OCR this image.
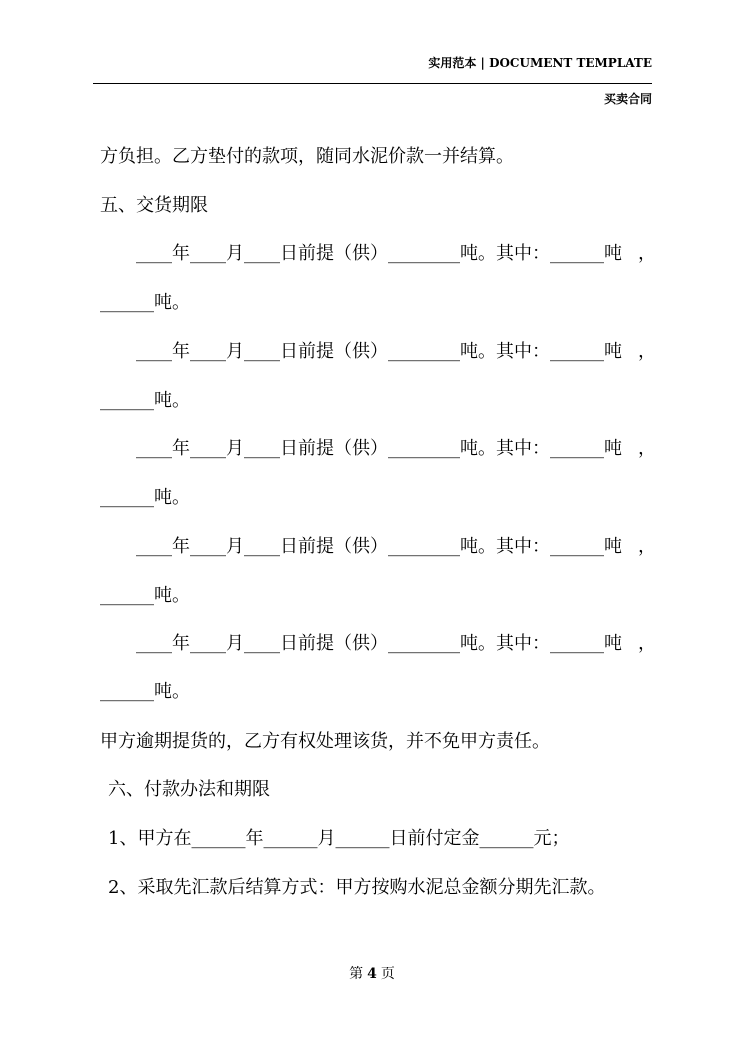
实用范本 | DOCUMENT TEMPLATE
买卖合同
方负担。乙方垫付的款项，随同水泥价款一并结算。
五、交货期限
____年____月____日前提（供）________吨。其中：______吨 ，
______吨。
____年____月____日前提（供）________吨。其中：______吨 ，
______吨。
____年____月____日前提（供）________吨。其中：______吨 ，
______吨。
____年____月____日前提（供）________吨。其中：______吨 ，
______吨。
____年____月____日前提（供）________吨。其中：______吨 ，
______吨。
甲方逾期提货的，乙方有权处理该货，并不免甲方责任。
六、付款办法和期限
1、甲方在______年______月______日前付定金______元；
2、采取先汇款后结算方式：甲方按购水泥总金额分期先汇款。
第 4 页
